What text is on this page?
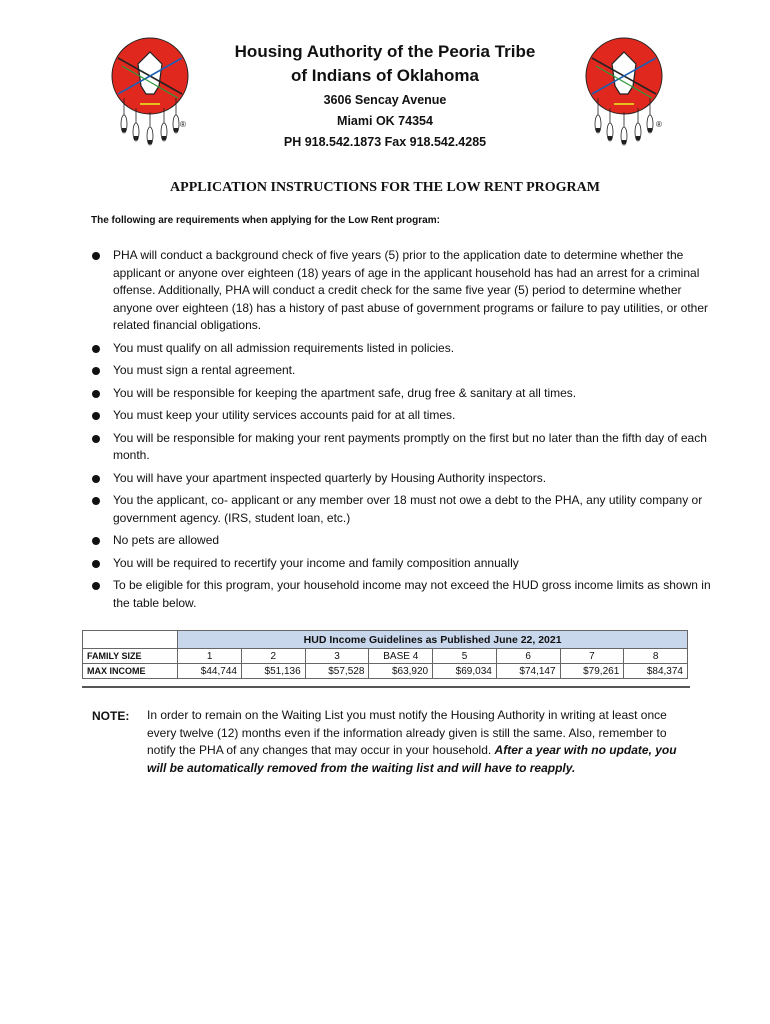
®	®
Housing Authority of the Peoria Tribe
of Indians of Oklahoma
3606 Sencay Avenue
Miami OK 74354
PH 918.542.1873 Fax 918.542.4285
APPLICATION INSTRUCTIONS FOR THE LOW RENT PROGRAM
The following are requirements when applying for the Low Rent program:
PHA will conduct a background check of five years (5) prior to the application date to determine whether the applicant or anyone over eighteen (18) years of age in the applicant household has had an arrest for a criminal offense. Additionally, PHA will conduct a credit check for the same five year (5) period to determine whether anyone over eighteen (18) has a history of past abuse of government programs or failure to pay utilities, or other related financial obligations.
You must qualify on all admission requirements listed in policies.
You must sign a rental agreement.
You will be responsible for keeping the apartment safe, drug free & sanitary at all times.
You must keep your utility services accounts paid for at all times.
You will be responsible for making your rent payments promptly on the first but no later than the fifth day of each month.
You will have your apartment inspected quarterly by Housing Authority inspectors.
You the applicant, co- applicant or any member over 18 must not owe a debt to the PHA, any utility company or government agency. (IRS, student loan, etc.)
No pets are allowed
You will be required to recertify your income and family composition annually
To be eligible for this program, your household income may not exceed the HUD gross income limits as shown in the table below.
	HUD Income Guidelines as Published June 22, 2021							
FAMILY SIZE	1	2	3	BASE 4	5	6	7	8
MAX INCOME	$44,744	$51,136	$57,528	$63,920	$69,034	$74,147	$79,261	$84,374
NOTE: In order to remain on the Waiting List you must notify the Housing Authority in writing at least once every twelve (12) months even if the information already given is still the same. Also, remember to notify the PHA of any changes that may occur in your household. After a year with no update, you will be automatically removed from the waiting list and will have to reapply.
